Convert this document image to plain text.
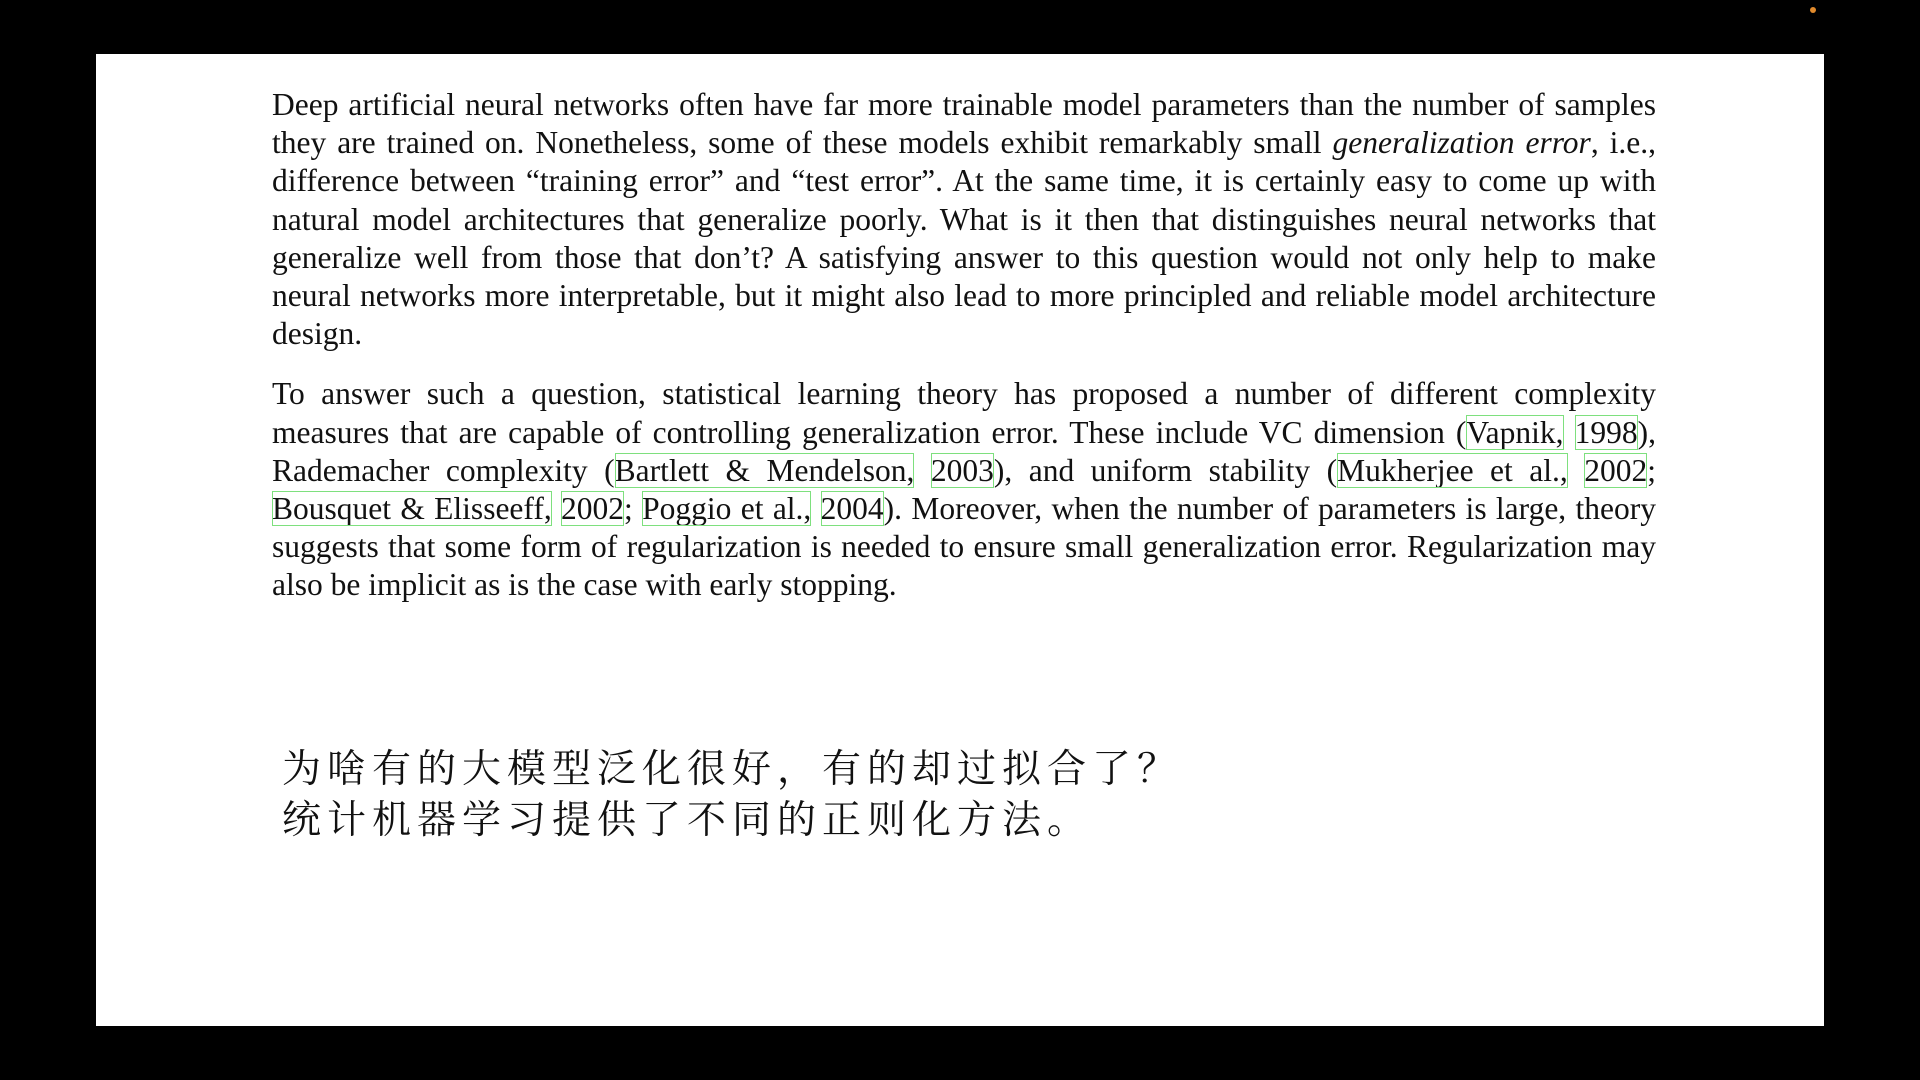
Deep artificial neural networks often have far more trainable model parameters than the number of samples they are trained on. Nonetheless, some of these models exhibit remarkably small generalization error, i.e., difference between “training error” and “test error”. At the same time, it is certainly easy to come up with natural model architectures that generalize poorly. What is it then that distinguishes neural networks that generalize well from those that don’t? A satisfying answer to this question would not only help to make neural networks more interpretable, but it might also lead to more principled and reliable model architecture design.

To answer such a question, statistical learning theory has proposed a number of different complexity measures that are capable of controlling generalization error. These include VC dimension (Vapnik, 1998), Rademacher complexity (Bartlett & Mendelson, 2003), and uniform stability (Mukherjee et al., 2002; Bousquet & Elisseeff, 2002; Poggio et al., 2004). Moreover, when the number of parameters is large, theory suggests that some form of regularization is needed to ensure small generalization error. Regularization may also be implicit as is the case with early stopping.

为啥有的大模型泛化很好，有的却过拟合了？
统计机器学习提供了不同的正则化方法。
